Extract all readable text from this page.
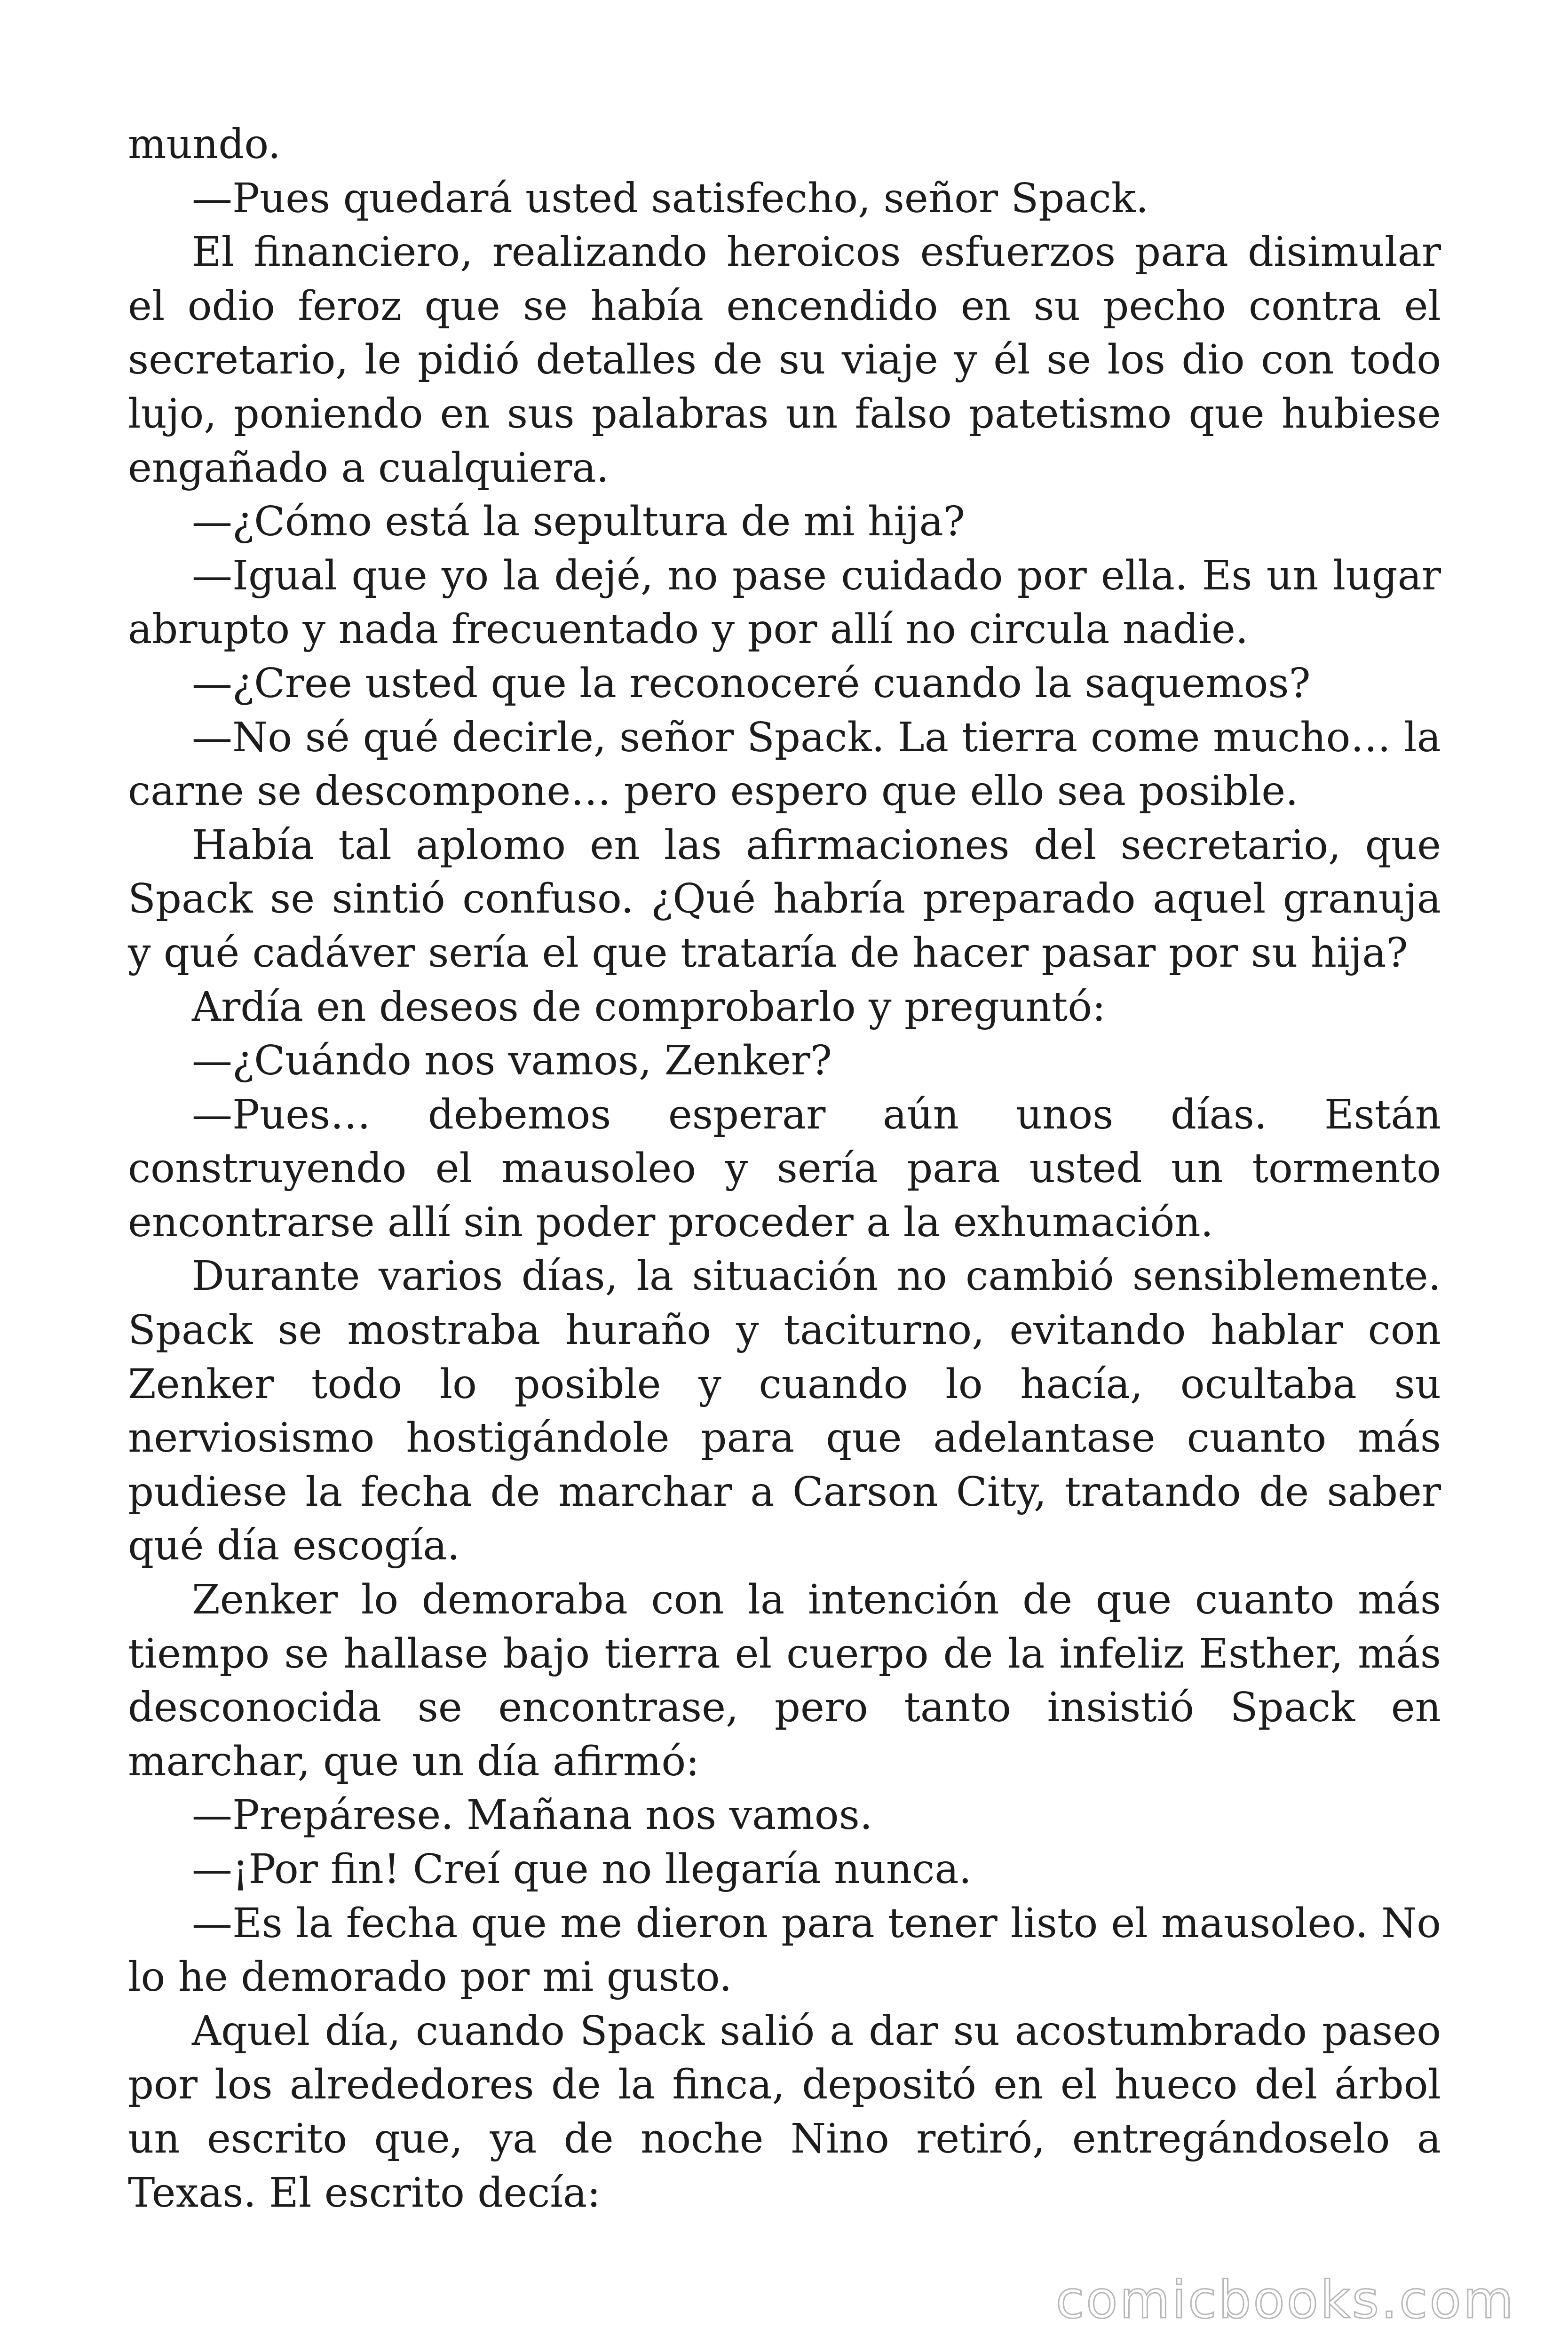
mundo.

—Pues quedará usted satisfecho, señor Spack.

El financiero, realizando heroicos esfuerzos para disimular el odio feroz que se había encendido en su pecho contra el secretario, le pidió detalles de su viaje y él se los dio con todo lujo, poniendo en sus palabras un falso patetismo que hubiese engañado a cualquiera.

—¿Cómo está la sepultura de mi hija?

—Igual que yo la dejé, no pase cuidado por ella. Es un lugar abrupto y nada frecuentado y por allí no circula nadie.

—¿Cree usted que la reconoceré cuando la saquemos?

—No sé qué decirle, señor Spack. La tierra come mucho… la carne se descompone… pero espero que ello sea posible.

Había tal aplomo en las afirmaciones del secretario, que Spack se sintió confuso. ¿Qué habría preparado aquel granuja y qué cadáver sería el que trataría de hacer pasar por su hija?

Ardía en deseos de comprobarlo y preguntó:

—¿Cuándo nos vamos, Zenker?

—Pues… debemos esperar aún unos días. Están construyendo el mausoleo y sería para usted un tormento encontrarse allí sin poder proceder a la exhumación.

Durante varios días, la situación no cambió sensiblemente. Spack se mostraba huraño y taciturno, evitando hablar con Zenker todo lo posible y cuando lo hacía, ocultaba su nerviosismo hostigándole para que adelantase cuanto más pudiese la fecha de marchar a Carson City, tratando de saber qué día escogía.

Zenker lo demoraba con la intención de que cuanto más tiempo se hallase bajo tierra el cuerpo de la infeliz Esther, más desconocida se encontrase, pero tanto insistió Spack en marchar, que un día afirmó:

—Prepárese. Mañana nos vamos.

—¡Por fin! Creí que no llegaría nunca.

—Es la fecha que me dieron para tener listo el mausoleo. No lo he demorado por mi gusto.

Aquel día, cuando Spack salió a dar su acostumbrado paseo por los alrededores de la finca, depositó en el hueco del árbol un escrito que, ya de noche Nino retiró, entregándoselo a Texas. El escrito decía:

comicbooks.com
